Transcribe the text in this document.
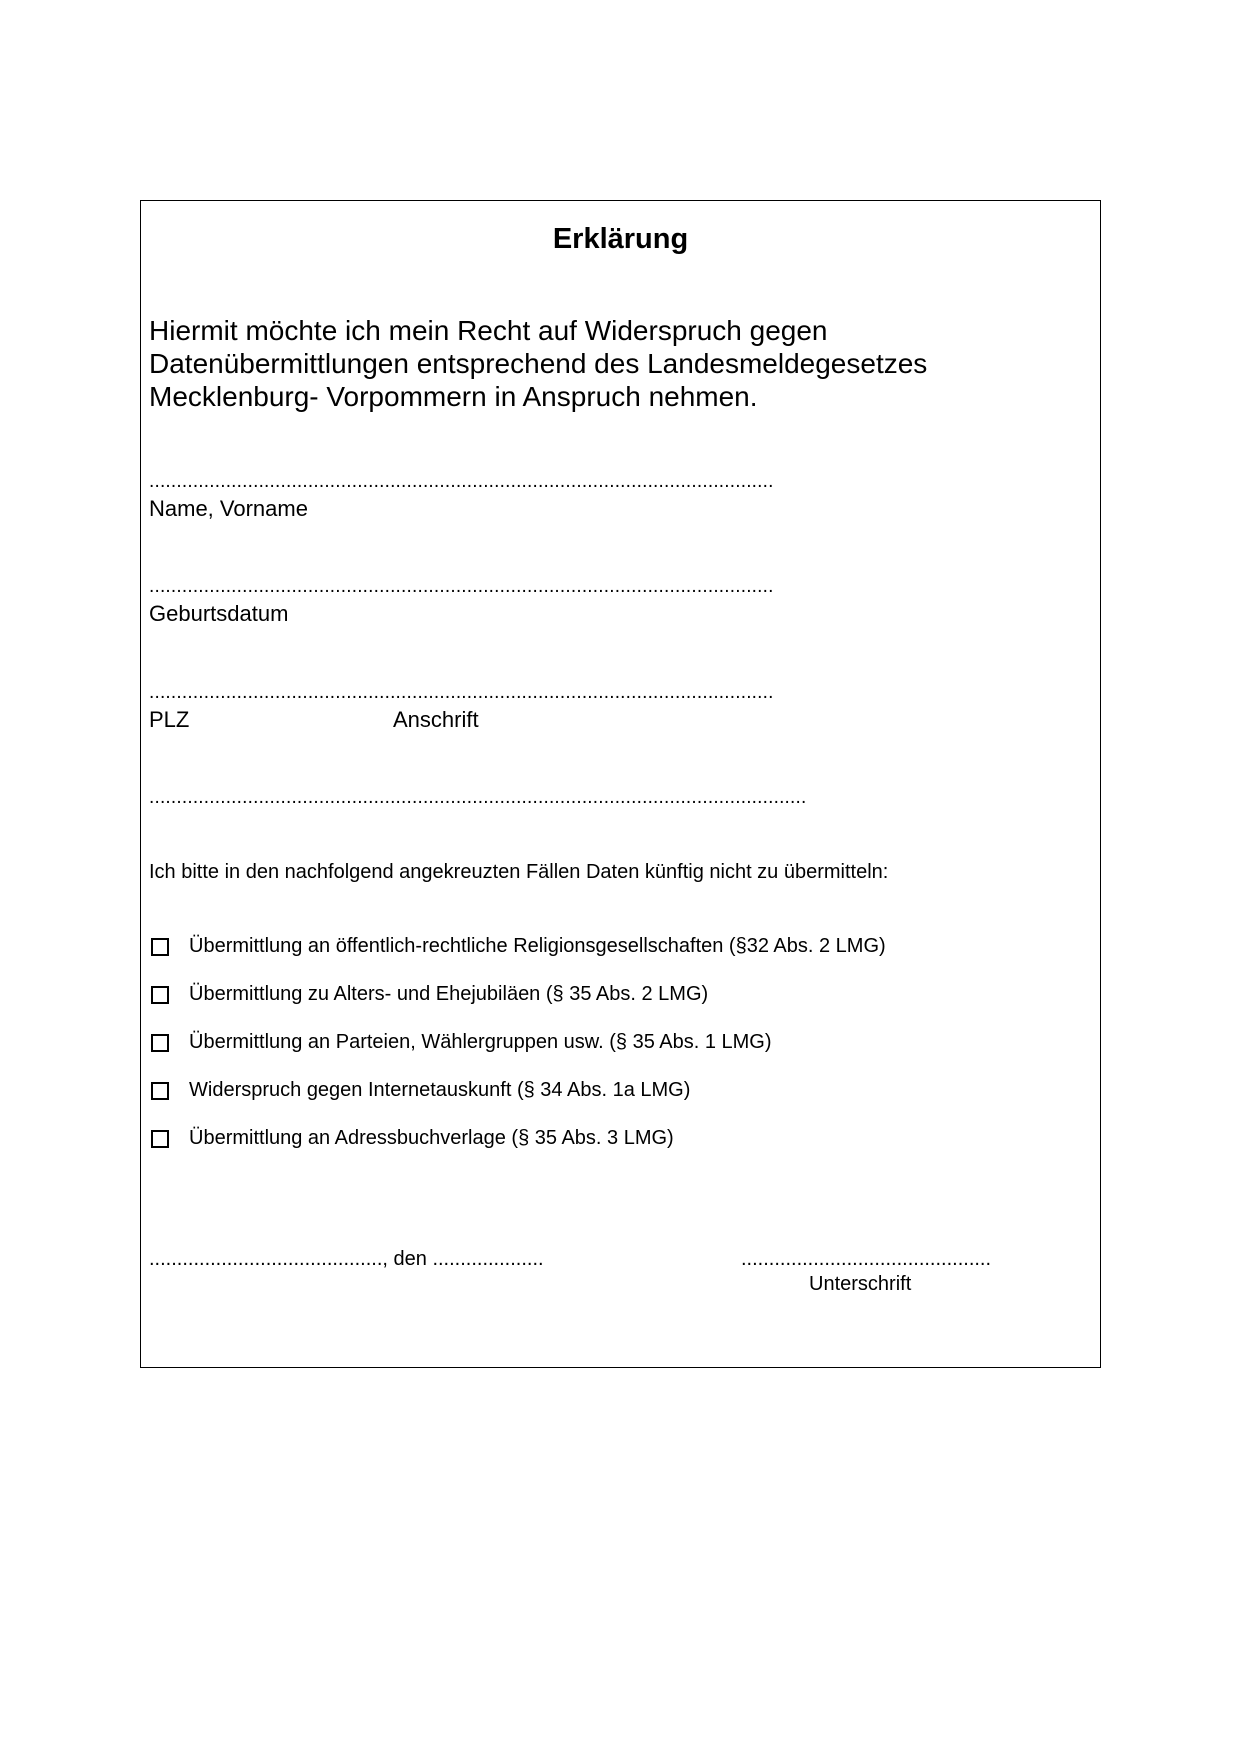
Erklärung
Hiermit möchte ich mein Recht auf Widerspruch gegen
Datenübermittlungen entsprechend des Landesmeldegesetzes
Mecklenburg- Vorpommern in Anspruch nehmen.
..................................................................................................................
Name, Vorname
..................................................................................................................
Geburtsdatum
..................................................................................................................
PLZ	Anschrift
........................................................................................................................
Ich bitte in den nachfolgend angekreuzten Fällen Daten künftig nicht zu übermitteln:
Übermittlung an öffentlich-rechtliche Religionsgesellschaften (§32 Abs. 2 LMG)
Übermittlung zu Alters- und Ehejubiläen (§ 35 Abs. 2 LMG)
Übermittlung an Parteien, Wählergruppen usw. (§ 35 Abs. 1 LMG)
Widerspruch gegen Internetauskunft (§ 34 Abs. 1a LMG)
Übermittlung an Adressbuchverlage (§ 35 Abs. 3 LMG)
.........................................., den ....................	.............................................
Unterschrift
